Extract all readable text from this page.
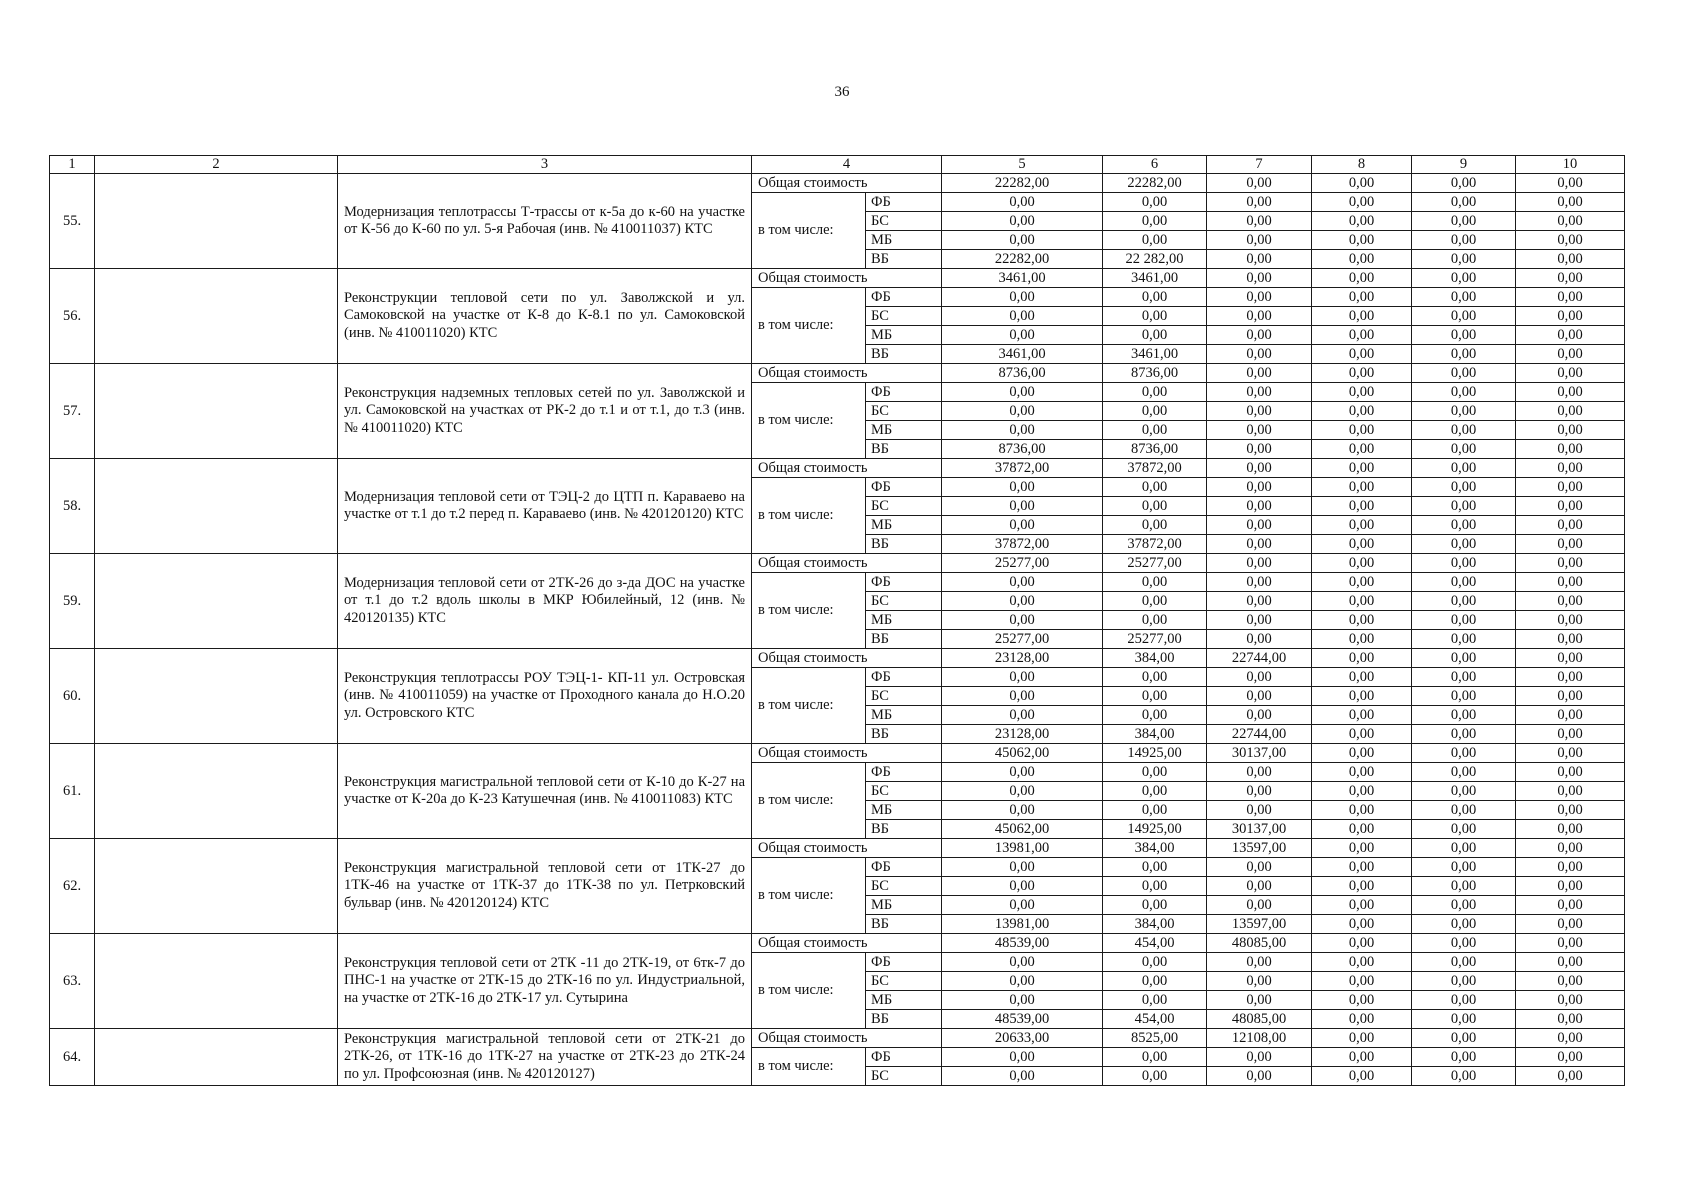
36
1	2	3	4		5	6	7	8	9	10
55.		Модернизация теплотрассы Т-трассы от к-5а до к-60 на участке от К-56 до К-60 по ул. 5-я Рабочая (инв. № 410011037) КТС	Общая стоимость		22282,00	22282,00	0,00	0,00	0,00	0,00
			в том числе:	ФБ	0,00	0,00	0,00	0,00	0,00	0,00
				БС	0,00	0,00	0,00	0,00	0,00	0,00
				МБ	0,00	0,00	0,00	0,00	0,00	0,00
				ВБ	22282,00	22 282,00	0,00	0,00	0,00	0,00
56.		Реконструкции тепловой сети по ул. Заволжской и ул. Самоковской на участке от К-8 до К-8.1 по ул. Самоковской (инв. № 410011020) КТС	Общая стоимость		3461,00	3461,00	0,00	0,00	0,00	0,00
			в том числе:	ФБ	0,00	0,00	0,00	0,00	0,00	0,00
				БС	0,00	0,00	0,00	0,00	0,00	0,00
				МБ	0,00	0,00	0,00	0,00	0,00	0,00
				ВБ	3461,00	3461,00	0,00	0,00	0,00	0,00
57.		Реконструкция надземных тепловых сетей по ул. Заволжской и ул. Самоковской на участках от РК-2 до т.1 и от т.1, до т.3 (инв. № 410011020) КТС	Общая стоимость		8736,00	8736,00	0,00	0,00	0,00	0,00
			в том числе:	ФБ	0,00	0,00	0,00	0,00	0,00	0,00
				БС	0,00	0,00	0,00	0,00	0,00	0,00
				МБ	0,00	0,00	0,00	0,00	0,00	0,00
				ВБ	8736,00	8736,00	0,00	0,00	0,00	0,00
58.		Модернизация тепловой сети от ТЭЦ-2 до ЦТП п. Караваево на участке от т.1 до т.2 перед п. Караваево (инв. № 420120120) КТС	Общая стоимость		37872,00	37872,00	0,00	0,00	0,00	0,00
			в том числе:	ФБ	0,00	0,00	0,00	0,00	0,00	0,00
				БС	0,00	0,00	0,00	0,00	0,00	0,00
				МБ	0,00	0,00	0,00	0,00	0,00	0,00
				ВБ	37872,00	37872,00	0,00	0,00	0,00	0,00
59.		Модернизация тепловой сети от 2ТК-26 до з-да ДОС на участке от т.1 до т.2 вдоль школы в МКР Юбилейный, 12 (инв. № 420120135) КТС	Общая стоимость		25277,00	25277,00	0,00	0,00	0,00	0,00
			в том числе:	ФБ	0,00	0,00	0,00	0,00	0,00	0,00
				БС	0,00	0,00	0,00	0,00	0,00	0,00
				МБ	0,00	0,00	0,00	0,00	0,00	0,00
				ВБ	25277,00	25277,00	0,00	0,00	0,00	0,00
60.		Реконструкция теплотрассы РОУ ТЭЦ-1- КП-11 ул. Островская (инв. № 410011059) на участке от Проходного канала до Н.О.20 ул. Островского КТС	Общая стоимость		23128,00	384,00	22744,00	0,00	0,00	0,00
			в том числе:	ФБ	0,00	0,00	0,00	0,00	0,00	0,00
				БС	0,00	0,00	0,00	0,00	0,00	0,00
				МБ	0,00	0,00	0,00	0,00	0,00	0,00
				ВБ	23128,00	384,00	22744,00	0,00	0,00	0,00
61.		Реконструкция магистральной тепловой сети от К-10 до К-27 на участке от К-20а до К-23 Катушечная (инв. № 410011083) КТС	Общая стоимость		45062,00	14925,00	30137,00	0,00	0,00	0,00
			в том числе:	ФБ	0,00	0,00	0,00	0,00	0,00	0,00
				БС	0,00	0,00	0,00	0,00	0,00	0,00
				МБ	0,00	0,00	0,00	0,00	0,00	0,00
				ВБ	45062,00	14925,00	30137,00	0,00	0,00	0,00
62.		Реконструкция магистральной тепловой сети от 1ТК-27 до 1ТК-46 на участке от 1ТК-37 до 1ТК-38 по ул. Петрковский бульвар (инв. № 420120124) КТС	Общая стоимость		13981,00	384,00	13597,00	0,00	0,00	0,00
			в том числе:	ФБ	0,00	0,00	0,00	0,00	0,00	0,00
				БС	0,00	0,00	0,00	0,00	0,00	0,00
				МБ	0,00	0,00	0,00	0,00	0,00	0,00
				ВБ	13981,00	384,00	13597,00	0,00	0,00	0,00
63.		Реконструкция тепловой сети от 2ТК -11 до 2ТК-19, от 6тк-7 до ПНС-1 на участке от 2ТК-15 до 2ТК-16 по ул. Индустриальной, на участке от 2ТК-16 до 2ТК-17 ул. Сутырина	Общая стоимость		48539,00	454,00	48085,00	0,00	0,00	0,00
			в том числе:	ФБ	0,00	0,00	0,00	0,00	0,00	0,00
				БС	0,00	0,00	0,00	0,00	0,00	0,00
				МБ	0,00	0,00	0,00	0,00	0,00	0,00
				ВБ	48539,00	454,00	48085,00	0,00	0,00	0,00
64.		Реконструкция магистральной тепловой сети от 2ТК-21 до 2ТК-26, от 1ТК-16 до 1ТК-27 на участке от 2ТК-23 до 2ТК-24 по ул. Профсоюзная (инв. № 420120127)	Общая стоимость		20633,00	8525,00	12108,00	0,00	0,00	0,00
			в том числе:	ФБ	0,00	0,00	0,00	0,00	0,00	0,00
				БС	0,00	0,00	0,00	0,00	0,00	0,00
